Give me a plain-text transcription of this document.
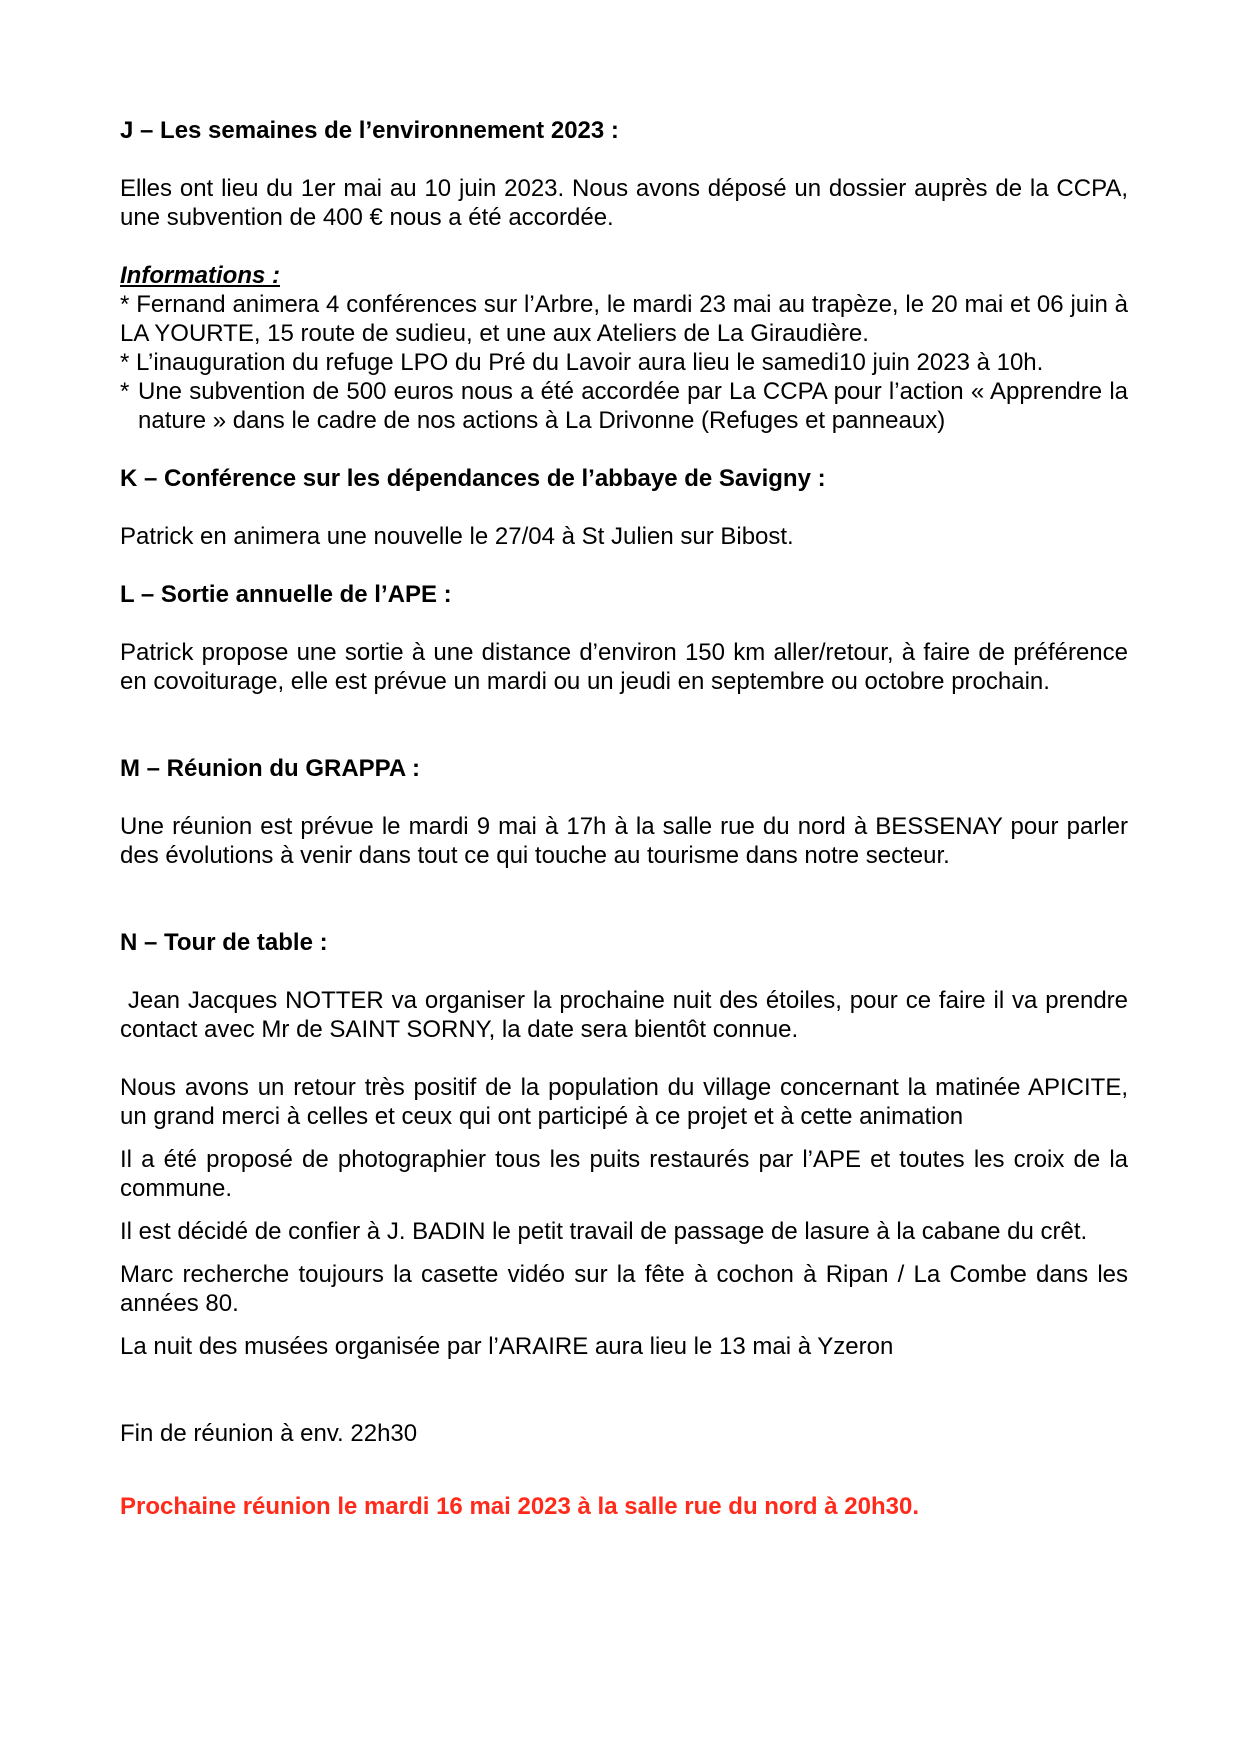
J – Les semaines de l’environnement 2023 :

Elles ont lieu du 1er mai au 10 juin 2023. Nous avons déposé un dossier auprès de la CCPA, une subvention de 400 € nous a été accordée.

Informations :

* Fernand animera 4 conférences sur l’Arbre, le mardi 23 mai au trapèze, le 20 mai et 06 juin à LA YOURTE, 15 route de sudieu, et une aux Ateliers de La Giraudière.

* L’inauguration du refuge LPO du Pré du Lavoir aura lieu le samedi10 juin 2023 à 10h.

* Une subvention de 500 euros nous a été accordée par La CCPA pour l’action « Apprendre la nature » dans le cadre de nos actions à La Drivonne (Refuges et panneaux)

K – Conférence sur les dépendances de l’abbaye de Savigny :

Patrick en animera une nouvelle le 27/04 à St Julien sur Bibost.

L – Sortie annuelle de l’APE :

Patrick propose une sortie à une distance d’environ 150 km aller/retour, à faire de préférence en covoiturage, elle est prévue un mardi ou un jeudi en septembre ou octobre prochain.

M – Réunion du GRAPPA :

Une réunion est prévue le mardi 9 mai à 17h à la salle rue du nord à BESSENAY pour parler des évolutions à venir dans tout ce qui touche au tourisme dans notre secteur.

N – Tour de table :

Jean Jacques NOTTER va organiser la prochaine nuit des étoiles, pour ce faire il va prendre contact avec Mr de SAINT SORNY, la date sera bientôt connue.

Nous avons un retour très positif de la population du village concernant la matinée APICITE, un grand merci à celles et ceux qui ont participé à ce projet et à cette animation

Il a été proposé de photographier tous les puits restaurés par l’APE et toutes les croix de la commune.

Il est décidé de confier à J. BADIN le petit travail de passage de lasure à la cabane du crêt.

Marc recherche toujours la casette vidéo sur la fête à cochon à Ripan / La Combe dans les années 80.

La nuit des musées organisée par l’ARAIRE aura lieu le 13 mai à Yzeron

Fin de réunion à env. 22h30

Prochaine réunion le mardi 16 mai 2023 à la salle rue du nord à 20h30.
